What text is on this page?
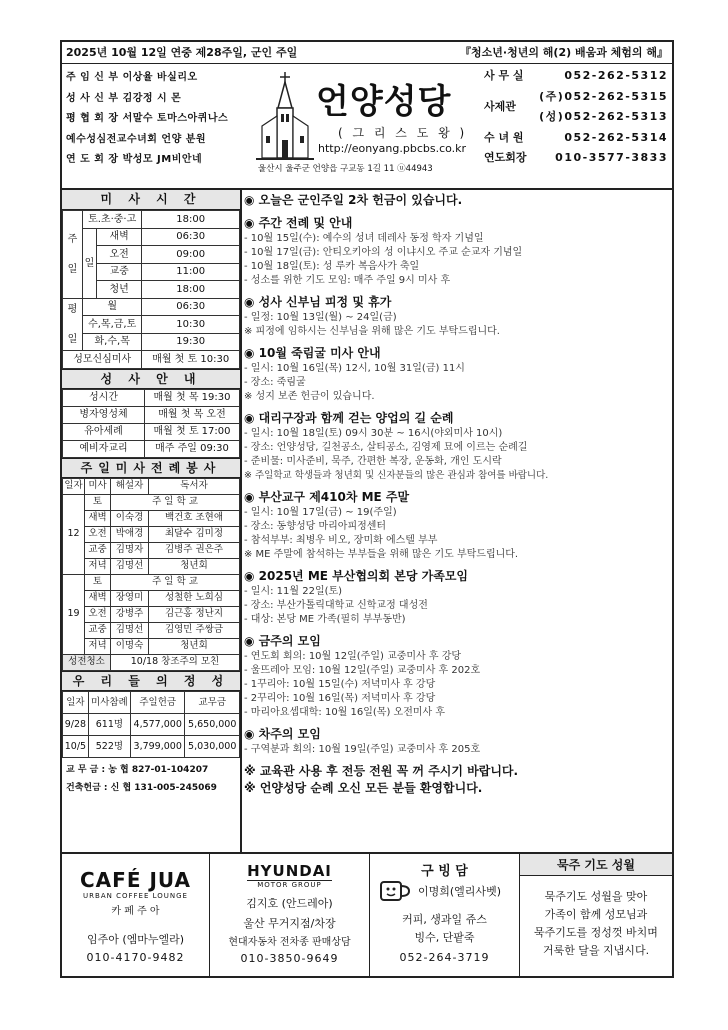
2025년 10월 12일 연중 제28주일, 군인 주일	『청소년·청년의 해(2) 배움과 체험의 해』
주 임 신 부 이상율 바실리오
성 사 신 부 김강정 시 몬
평 협 회 장 서말수 토마스아퀴나스
예수성심전교수녀회 언양 분원
연 도 회 장 박성모 JM비안네
언양성당
( 그 리 스 도 왕 )
http://eonyang.pbcbs.co.kr
울산시 울주군 언양읍 구교동 1길 11 ⓤ44943
사 무 실	052-262-5312
사제관
(주)052-262-5315
(성)052-262-5313
수 녀 원	052-262-5314
연도회장	010-3577-3833
미 사 시 간
주

일	토.초·중·고		18:00
	일	새벽	06:30
		오전	09:00
		교중	11:00
		청년	18:00
평

일	월		06:30
	수,목,금,토		10:30
	화,수,목		19:30
성모신심미사			매월 첫 토 10:30
성 사 안 내
성시간	매월 첫 목 19:30
병자영성체	매월 첫 목 오전
유아세례	매월 첫 토 17:00
예비자교리	매주 주일 09:30
주일미사전례봉사
일자	미사	해설자	독서자
12	토	주 일 학 교	
	새벽	이숙경	백건호 조현애
	오전	박애경	최달수 김미정
	교중	김명자	김병주 권은주
	저녁	김명선	청년회
19	토	주 일 학 교	
	새벽	장영미	성철한 노희심
	오전	강병주	김근홍 정난지
	교중	김명선	김영민 주쌍금
	저녁	이명숙	청년회
성전청소		10/18 창조주의 모친	
우 리 들 의 정 성
일자	미사참례	주일헌금	교무금
9/28	611명	4,577,000	5,650,000
10/5	522명	3,799,000	5,030,000
교 무 금 : 농 협 827-01-104207
건축헌금 : 신 협 131-005-245069
◉ 오늘은 군인주일 2차 헌금이 있습니다.
◉ 주간 전례 및 안내
- 10월 15일(수): 예수의 성녀 데레사 동정 학자 기념일
- 10월 17일(금): 안티오키아의 성 이냐시오 주교 순교자 기념일
- 10월 18일(토): 성 루카 복음사가 축일
- 성소를 위한 기도 모임: 매주 주일 9시 미사 후
◉ 성사 신부님 피정 및 휴가
- 일정: 10월 13일(월) ~ 24일(금)
※ 피정에 임하시는 신부님을 위해 많은 기도 부탁드립니다.
◉ 10월 죽림굴 미사 안내
- 일시: 10월 16일(목) 12시, 10월 31일(금) 11시
- 장소: 죽림굴
※ 성지 보존 헌금이 있습니다.
◉ 대리구장과 함께 걷는 양업의 길 순례
- 일시: 10월 18일(토) 09시 30분 ~ 16시(야외미사 10시)
- 장소: 언양성당, 길천공소, 살티공소, 김영제 묘에 이르는 순례길
- 준비물: 미사준비, 묵주, 간편한 복장, 운동화, 개인 도시락
※ 주일학교 학생들과 청년회 및 신자분들의 많은 관심과 참여를 바랍니다.
◉ 부산교구 제410차 ME 주말
- 일시: 10월 17일(금) ~ 19(주일)
- 장소: 동향성당 마리아피정센터
- 참석부부: 최병우 비오, 장미화 에스텔 부부
※ ME 주말에 참석하는 부부들을 위해 많은 기도 부탁드립니다.
◉ 2025년 ME 부산협의회 본당 가족모임
- 일시: 11월 22일(토)
- 장소: 부산가톨릭대학교 신학교정 대성전
- 대상: 본당 ME 가족(필히 부부동반)
◉ 금주의 모임
- 연도회 회의: 10월 12일(주일) 교중미사 후 강당
- 울뜨레아 모임: 10월 12일(주일) 교중미사 후 202호
- 1꾸리아: 10월 15일(수) 저녁미사 후 강당
- 2꾸리아: 10월 16일(목) 저녁미사 후 강당
- 마리아요셉대학: 10월 16일(목) 오전미사 후
◉ 차주의 모임
- 구역분과 회의: 10월 19일(주일) 교중미사 후 205호
※ 교육관 사용 후 전등 전원 꼭 꺼 주시기 바랍니다.
※ 언양성당 순례 오신 모든 분들 환영합니다.
CAFÉ JUA
URBAN COFFEE LOUNGE
카 페 주 아
임주아 (엠마누엘라)
010-4170-9482
HYUNDAI
MOTOR GROUP
김지호 (안드레아)
울산 무거지점/차장
현대자동차 전차종 판매상담
010-3850-9649
구 빙 담
이명희(엘리사벳)
커피, 생과일 쥬스
빙수, 단팥죽
052-264-3719
묵주 기도 성월
묵주기도 성월을 맞아
가족이 함께 성모님과
묵주기도를 정성껏 바치며
거룩한 달을 지냅시다.
